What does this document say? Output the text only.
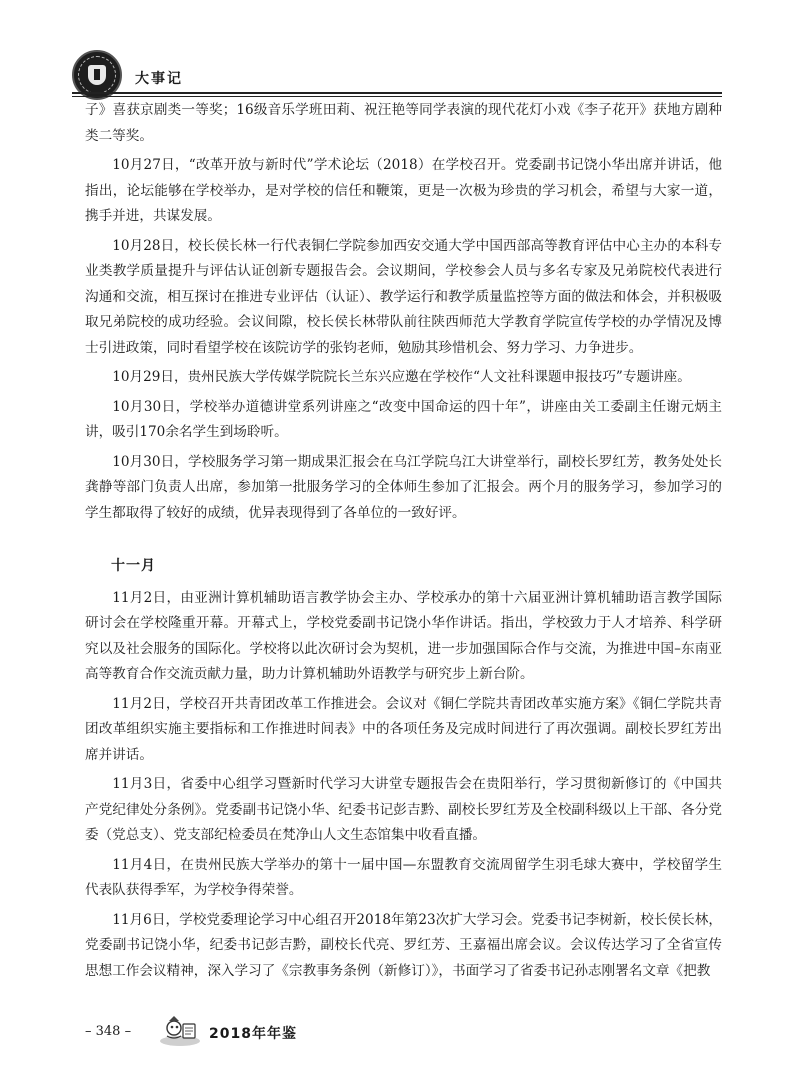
大事记

子》喜获京剧类一等奖；16级音乐学班田莉、祝汪艳等同学表演的现代花灯小戏《李子花开》获地方剧种类二等奖。

10月27日，“改革开放与新时代”学术论坛（2018）在学校召开。党委副书记饶小华出席并讲话，他指出，论坛能够在学校举办，是对学校的信任和鞭策，更是一次极为珍贵的学习机会，希望与大家一道，携手并进，共谋发展。

10月28日，校长侯长林一行代表铜仁学院参加西安交通大学中国西部高等教育评估中心主办的本科专业类教学质量提升与评估认证创新专题报告会。会议期间，学校参会人员与多名专家及兄弟院校代表进行沟通和交流，相互探讨在推进专业评估（认证）、教学运行和教学质量监控等方面的做法和体会，并积极吸取兄弟院校的成功经验。会议间隙，校长侯长林带队前往陕西师范大学教育学院宣传学校的办学情况及博士引进政策，同时看望学校在该院访学的张钧老师，勉励其珍惜机会、努力学习、力争进步。

10月29日，贵州民族大学传媒学院院长兰东兴应邀在学校作“人文社科课题申报技巧”专题讲座。

10月30日，学校举办道德讲堂系列讲座之“改变中国命运的四十年”，讲座由关工委副主任谢元炳主讲，吸引170余名学生到场聆听。

10月30日，学校服务学习第一期成果汇报会在乌江学院乌江大讲堂举行，副校长罗红芳，教务处处长龚静等部门负责人出席，参加第一批服务学习的全体师生参加了汇报会。两个月的服务学习，参加学习的学生都取得了较好的成绩，优异表现得到了各单位的一致好评。

十一月

11月2日，由亚洲计算机辅助语言教学协会主办、学校承办的第十六届亚洲计算机辅助语言教学国际研讨会在学校隆重开幕。开幕式上，学校党委副书记饶小华作讲话。指出，学校致力于人才培养、科学研究以及社会服务的国际化。学校将以此次研讨会为契机，进一步加强国际合作与交流，为推进中国–东南亚高等教育合作交流贡献力量，助力计算机辅助外语教学与研究步上新台阶。

11月2日，学校召开共青团改革工作推进会。会议对《铜仁学院共青团改革实施方案》《铜仁学院共青团改革组织实施主要指标和工作推进时间表》中的各项任务及完成时间进行了再次强调。副校长罗红芳出席并讲话。

11月3日，省委中心组学习暨新时代学习大讲堂专题报告会在贵阳举行，学习贯彻新修订的《中国共产党纪律处分条例》。党委副书记饶小华、纪委书记彭吉黔、副校长罗红芳及全校副科级以上干部、各分党委（党总支）、党支部纪检委员在梵净山人文生态馆集中收看直播。

11月4日，在贵州民族大学举办的第十一届中国—东盟教育交流周留学生羽毛球大赛中，学校留学生代表队获得季军，为学校争得荣誉。

11月6日，学校党委理论学习中心组召开2018年第23次扩大学习会。党委书记李树新，校长侯长林，党委副书记饶小华，纪委书记彭吉黔，副校长代亮、罗红芳、王嘉福出席会议。会议传达学习了全省宣传思想工作会议精神，深入学习了《宗教事务条例（新修订）》，书面学习了省委书记孙志刚署名文章《把教

– 348 –	2018年年鉴
